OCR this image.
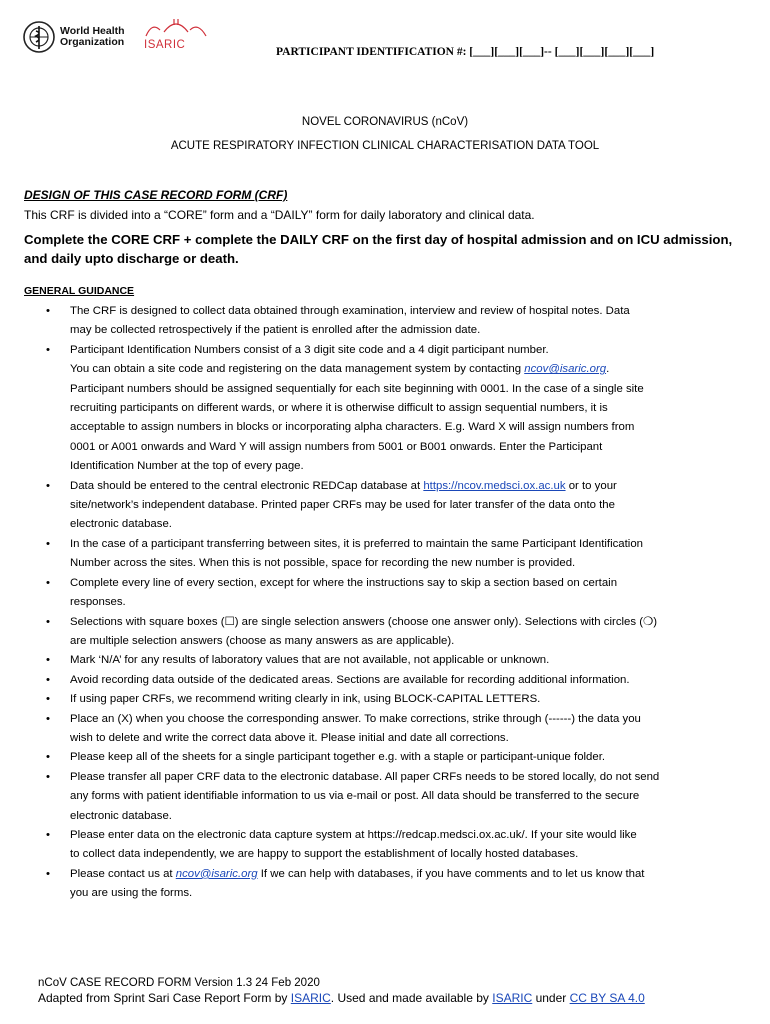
World Health
Organization ISARIC
PARTICIPANT IDENTIFICATION #: [___][___][___]-- [___][___][___][___]
NOVEL CORONAVIRUS (nCoV)
ACUTE RESPIRATORY INFECTION CLINICAL CHARACTERISATION DATA TOOL
DESIGN OF THIS CASE RECORD FORM (CRF)
This CRF is divided into a “CORE” form and a “DAILY” form for daily laboratory and clinical data.
Complete the CORE CRF + complete the DAILY CRF on the first day of hospital admission and on ICU admission,
and daily upto discharge or death.
GENERAL GUIDANCE
• The CRF is designed to collect data obtained through examination, interview and review of hospital notes. Data
may be collected retrospectively if the patient is enrolled after the admission date.
• Participant Identification Numbers consist of a 3 digit site code and a 4 digit participant number.
You can obtain a site code and registering on the data management system by contacting ncov@isaric.org.
Participant numbers should be assigned sequentially for each site beginning with 0001. In the case of a single site
recruiting participants on different wards, or where it is otherwise difficult to assign sequential numbers, it is
acceptable to assign numbers in blocks or incorporating alpha characters. E.g. Ward X will assign numbers from
0001 or A001 onwards and Ward Y will assign numbers from 5001 or B001 onwards. Enter the Participant
Identification Number at the top of every page.
• Data should be entered to the central electronic REDCap database at https://ncov.medsci.ox.ac.uk or to your
site/network’s independent database. Printed paper CRFs may be used for later transfer of the data onto the
electronic database.
• In the case of a participant transferring between sites, it is preferred to maintain the same Participant Identification
Number across the sites. When this is not possible, space for recording the new number is provided.
• Complete every line of every section, except for where the instructions say to skip a section based on certain
responses.
• Selections with square boxes (☐) are single selection answers (choose one answer only). Selections with circles (❍)
are multiple selection answers (choose as many answers as are applicable).
• Mark ‘N/A’ for any results of laboratory values that are not available, not applicable or unknown.
• Avoid recording data outside of the dedicated areas. Sections are available for recording additional information.
• If using paper CRFs, we recommend writing clearly in ink, using BLOCK-CAPITAL LETTERS.
• Place an (X) when you choose the corresponding answer. To make corrections, strike through (------) the data you
wish to delete and write the correct data above it. Please initial and date all corrections.
• Please keep all of the sheets for a single participant together e.g. with a staple or participant-unique folder.
• Please transfer all paper CRF data to the electronic database. All paper CRFs needs to be stored locally, do not send
any forms with patient identifiable information to us via e-mail or post. All data should be transferred to the secure
electronic database.
• Please enter data on the electronic data capture system at https://redcap.medsci.ox.ac.uk/. If your site would like
to collect data independently, we are happy to support the establishment of locally hosted databases.
• Please contact us at ncov@isaric.org If we can help with databases, if you have comments and to let us know that
you are using the forms.
nCoV CASE RECORD FORM Version 1.3 24 Feb 2020
Adapted from Sprint Sari Case Report Form by ISARIC. Used and made available by ISARIC under CC BY SA 4.0
